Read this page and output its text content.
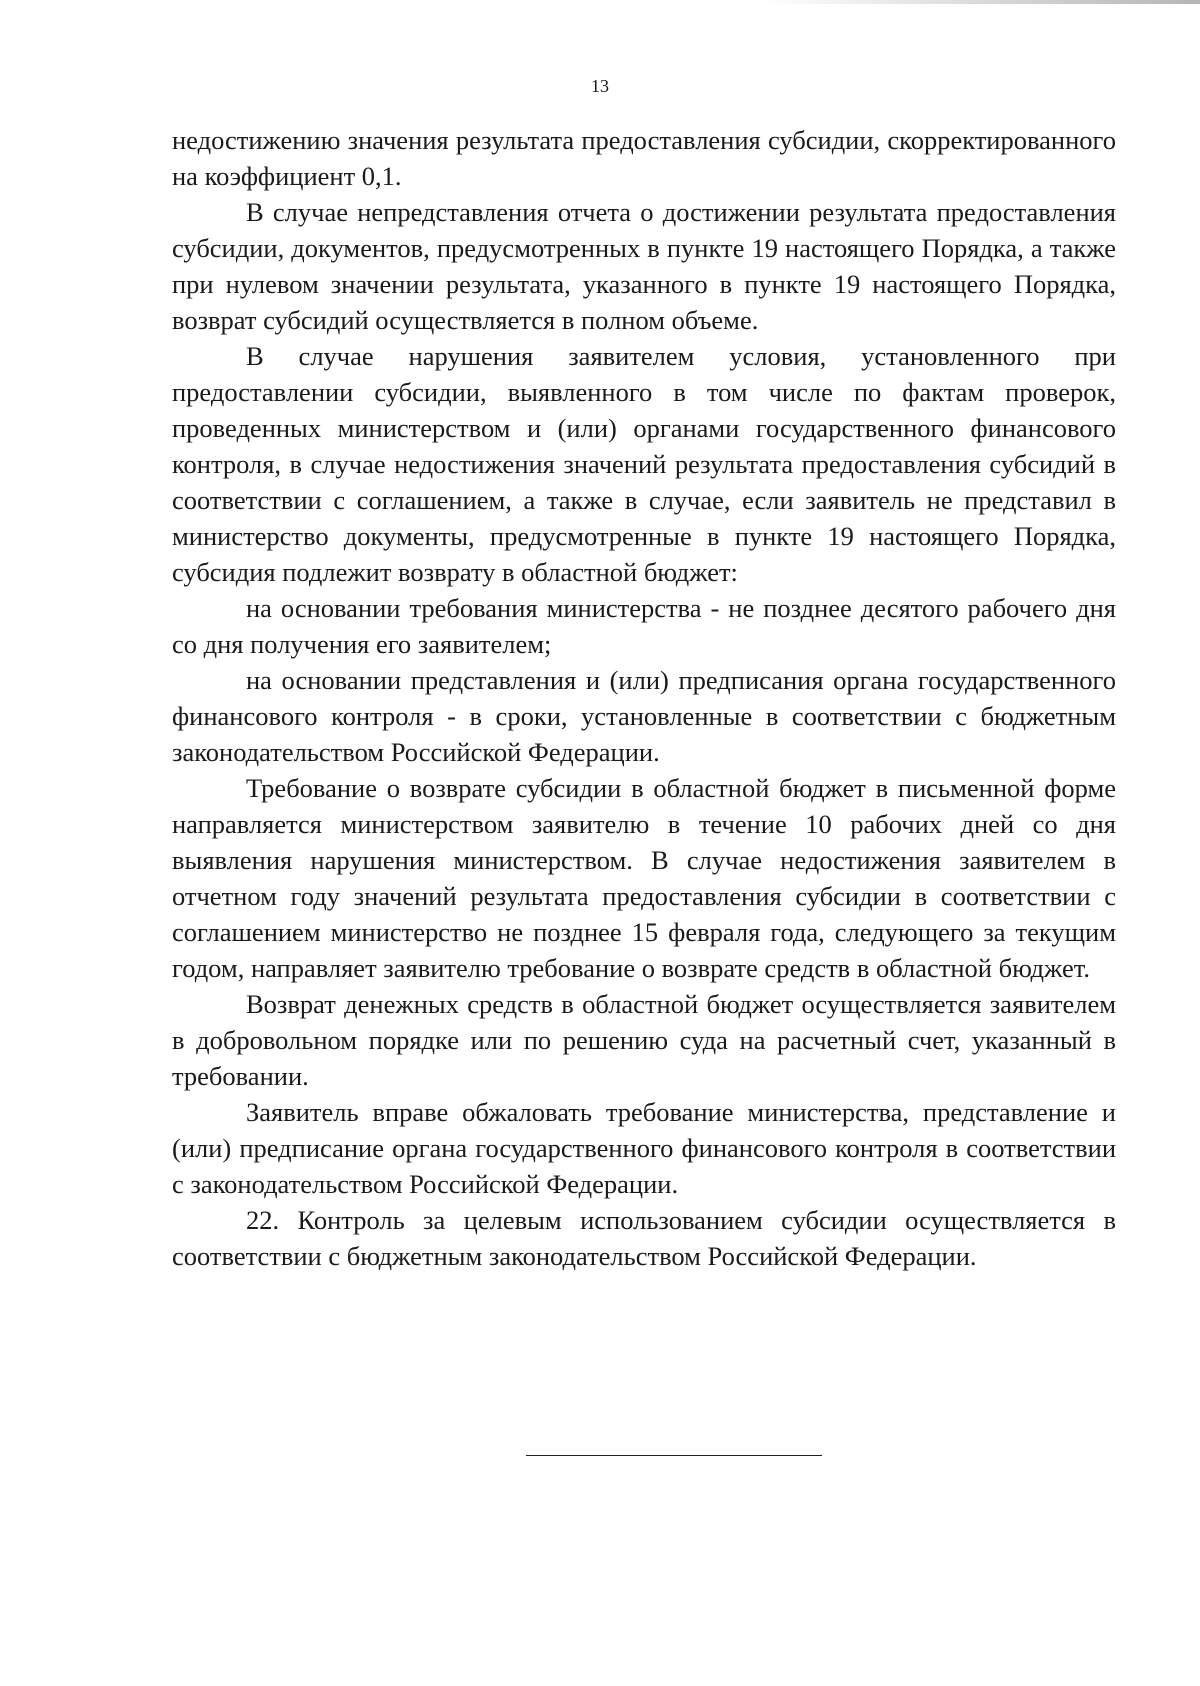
13

недостижению значения результата предоставления субсидии, скорректированного на коэффициент 0,1.

В случае непредставления отчета о достижении результата предоставления субсидии, документов, предусмотренных в пункте 19 настоящего Порядка, а также при нулевом значении результата, указанного в пункте 19 настоящего Порядка, возврат субсидий осуществляется в полном объеме.

В случае нарушения заявителем условия, установленного при предоставлении субсидии, выявленного в том числе по фактам проверок, проведенных министерством и (или) органами государственного финансового контроля, в случае недостижения значений результата предоставления субсидий в соответствии с соглашением, а также в случае, если заявитель не представил в министерство документы, предусмотренные в пункте 19 настоящего Порядка, субсидия подлежит возврату в областной бюджет:

на основании требования министерства - не позднее десятого рабочего дня со дня получения его заявителем;

на основании представления и (или) предписания органа государственного финансового контроля - в сроки, установленные в соответствии с бюджетным законодательством Российской Федерации.

Требование о возврате субсидии в областной бюджет в письменной форме направляется министерством заявителю в течение 10 рабочих дней со дня выявления нарушения министерством. В случае недостижения заявителем в отчетном году значений результата предоставления субсидии в соответствии с соглашением министерство не позднее 15 февраля года, следующего за текущим годом, направляет заявителю требование о возврате средств в областной бюджет.

Возврат денежных средств в областной бюджет осуществляется заявителем в добровольном порядке или по решению суда на расчетный счет, указанный в требовании.

Заявитель вправе обжаловать требование министерства, представление и (или) предписание органа государственного финансового контроля в соответствии с законодательством Российской Федерации.

22. Контроль за целевым использованием субсидии осуществляется в соответствии с бюджетным законодательством Российской Федерации.
